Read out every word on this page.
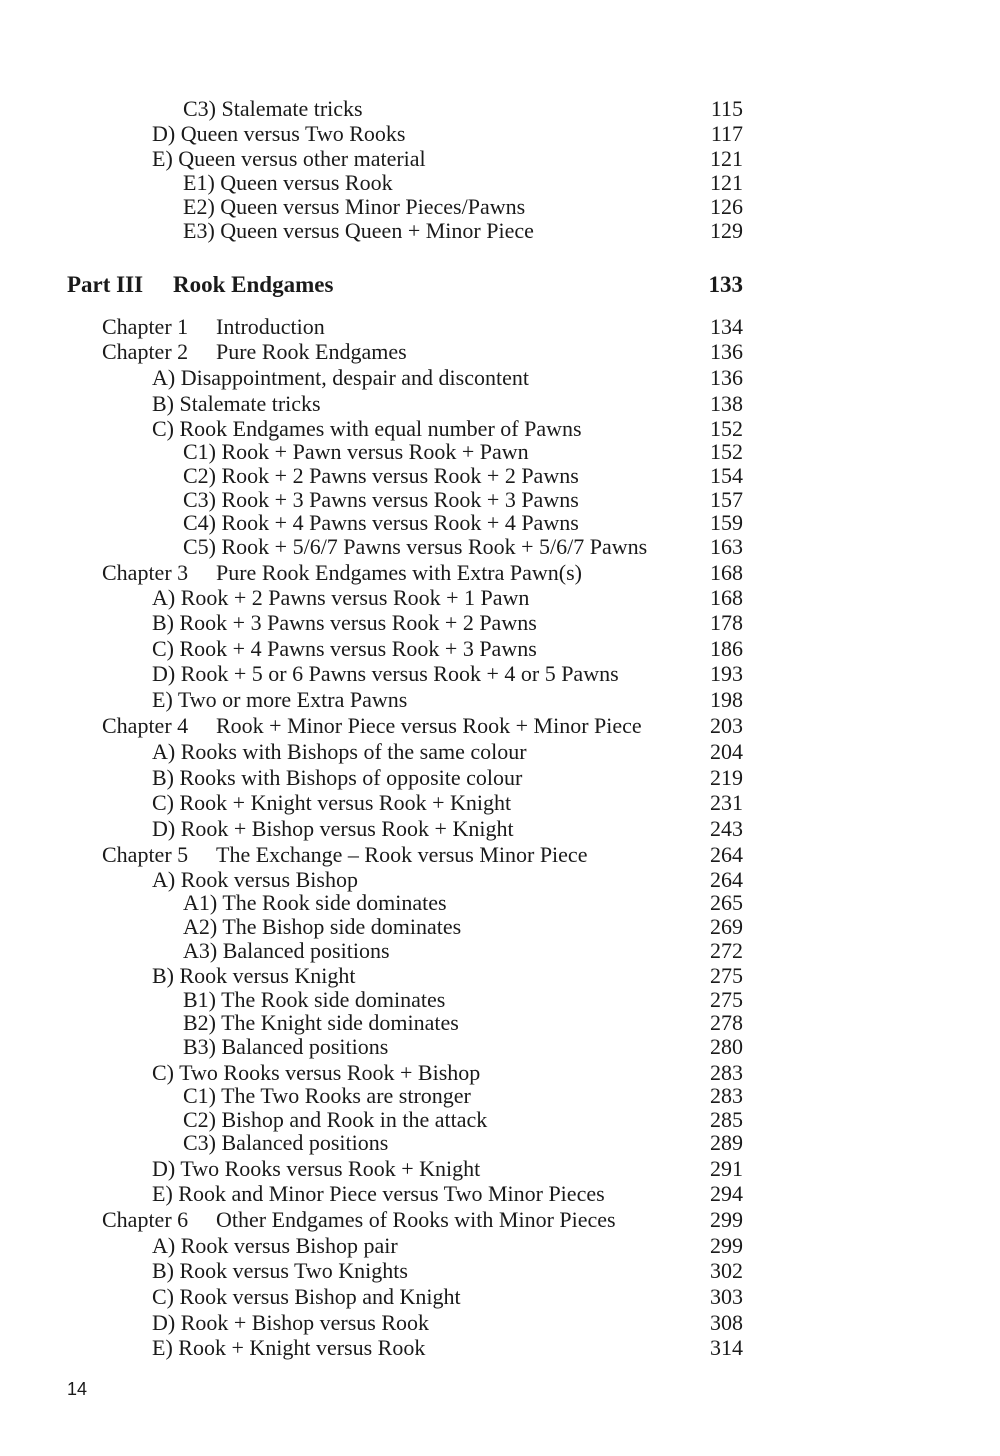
C3) Stalemate tricks	115
D) Queen versus Two Rooks	117
E) Queen versus other material	121
E1) Queen versus Rook	121
E2) Queen versus Minor Pieces/Pawns	126
E3) Queen versus Queen + Minor Piece	129
Part III Rook Endgames	133
Chapter 1 Introduction	134
Chapter 2 Pure Rook Endgames	136
A) Disappointment, despair and discontent	136
B) Stalemate tricks	138
C) Rook Endgames with equal number of Pawns	152
C1) Rook + Pawn versus Rook + Pawn	152
C2) Rook + 2 Pawns versus Rook + 2 Pawns	154
C3) Rook + 3 Pawns versus Rook + 3 Pawns	157
C4) Rook + 4 Pawns versus Rook + 4 Pawns	159
C5) Rook + 5/6/7 Pawns versus Rook + 5/6/7 Pawns	163
Chapter 3 Pure Rook Endgames with Extra Pawn(s)	168
A) Rook + 2 Pawns versus Rook + 1 Pawn	168
B) Rook + 3 Pawns versus Rook + 2 Pawns	178
C) Rook + 4 Pawns versus Rook + 3 Pawns	186
D) Rook + 5 or 6 Pawns versus Rook + 4 or 5 Pawns	193
E) Two or more Extra Pawns	198
Chapter 4 Rook + Minor Piece versus Rook + Minor Piece	203
A) Rooks with Bishops of the same colour	204
B) Rooks with Bishops of opposite colour	219
C) Rook + Knight versus Rook + Knight	231
D) Rook + Bishop versus Rook + Knight	243
Chapter 5 The Exchange – Rook versus Minor Piece	264
A) Rook versus Bishop	264
A1) The Rook side dominates	265
A2) The Bishop side dominates	269
A3) Balanced positions	272
B) Rook versus Knight	275
B1) The Rook side dominates	275
B2) The Knight side dominates	278
B3) Balanced positions	280
C) Two Rooks versus Rook + Bishop	283
C1) The Two Rooks are stronger	283
C2) Bishop and Rook in the attack	285
C3) Balanced positions	289
D) Two Rooks versus Rook + Knight	291
E) Rook and Minor Piece versus Two Minor Pieces	294
Chapter 6 Other Endgames of Rooks with Minor Pieces	299
A) Rook versus Bishop pair	299
B) Rook versus Two Knights	302
C) Rook versus Bishop and Knight	303
D) Rook + Bishop versus Rook	308
E) Rook + Knight versus Rook	314
14
